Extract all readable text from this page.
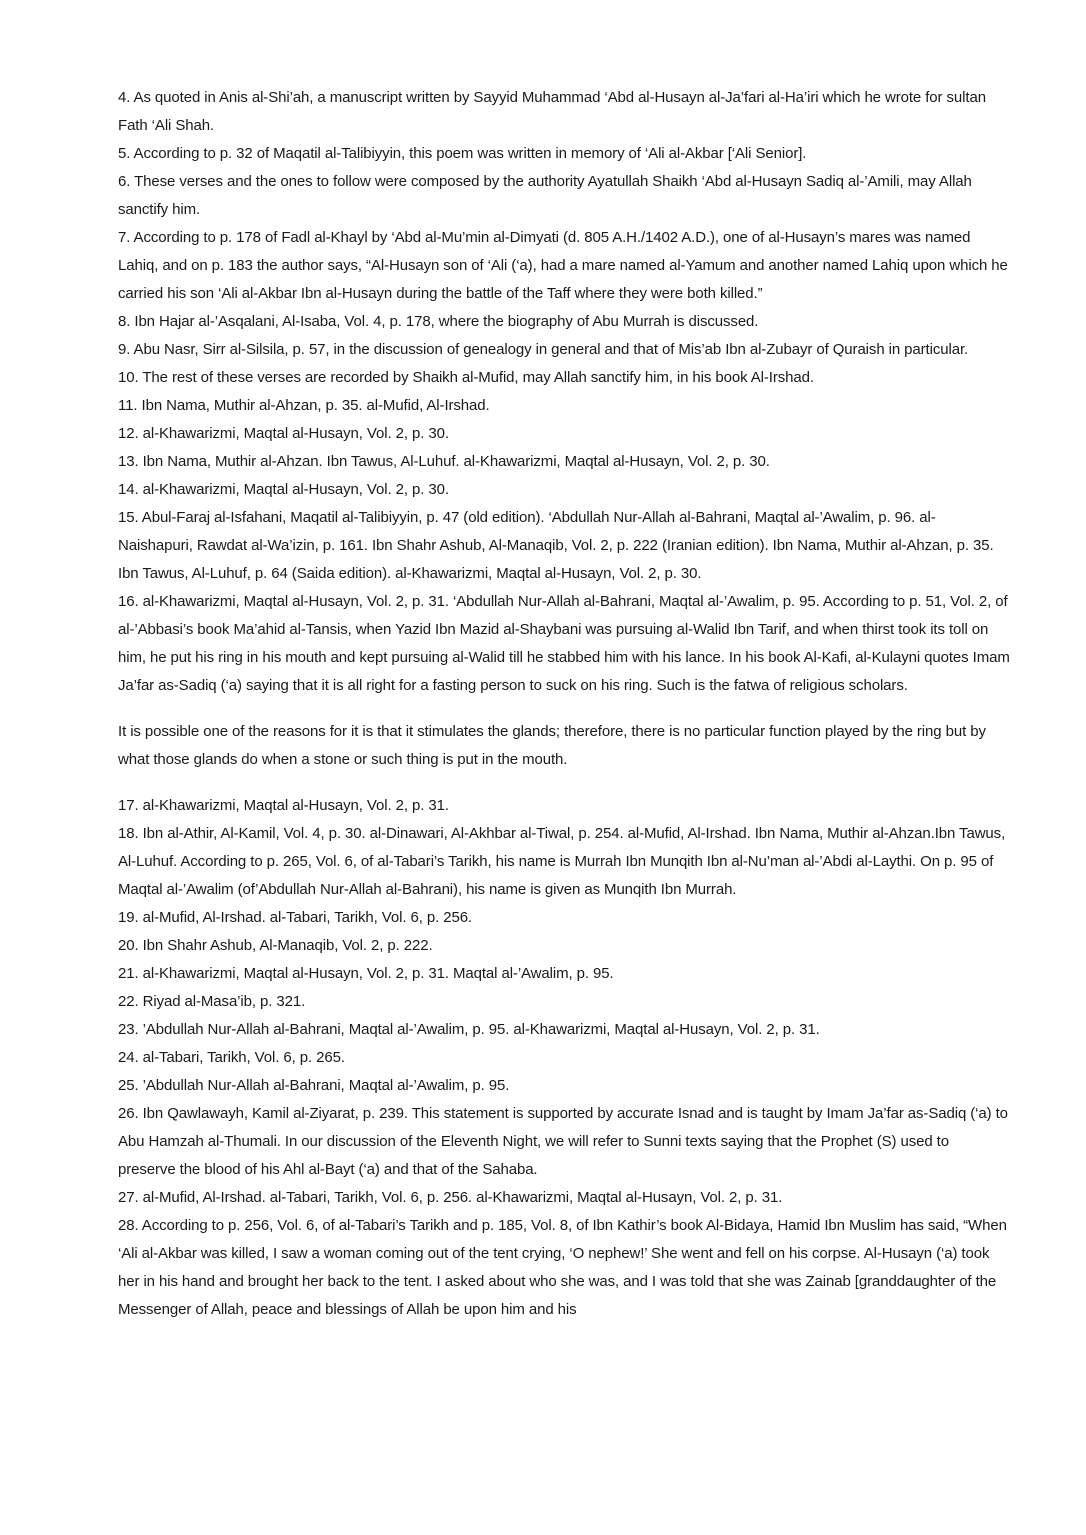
4. As quoted in Anis al-Shi’ah, a manuscript written by Sayyid Muhammad ‘Abd al-Husayn al-Ja’fari al-Ha’iri which he wrote for sultan Fath ‘Ali Shah.

5. According to p. 32 of Maqatil al-Talibiyyin, this poem was written in memory of ‘Ali al-Akbar [‘Ali Senior].

6. These verses and the ones to follow were composed by the authority Ayatullah Shaikh ‘Abd al-Husayn Sadiq al-’Amili, may Allah sanctify him.

7. According to p. 178 of Fadl al-Khayl by ‘Abd al-Mu’min al-Dimyati (d. 805 A.H./1402 A.D.), one of al-Husayn’s mares was named Lahiq, and on p. 183 the author says, “Al-Husayn son of ‘Ali (‘a), had a mare named al-Yamum and another named Lahiq upon which he carried his son ‘Ali al-Akbar Ibn al-Husayn during the battle of the Taff where they were both killed.”

8. Ibn Hajar al-’Asqalani, Al-Isaba, Vol. 4, p. 178, where the biography of Abu Murrah is discussed.

9. Abu Nasr, Sirr al-Silsila, p. 57, in the discussion of genealogy in general and that of Mis’ab Ibn al-Zubayr of Quraish in particular.

10. The rest of these verses are recorded by Shaikh al-Mufid, may Allah sanctify him, in his book Al-Irshad.

11. Ibn Nama, Muthir al-Ahzan, p. 35. al-Mufid, Al-Irshad.

12. al-Khawarizmi, Maqtal al-Husayn, Vol. 2, p. 30.

13. Ibn Nama, Muthir al-Ahzan. Ibn Tawus, Al-Luhuf. al-Khawarizmi, Maqtal al-Husayn, Vol. 2, p. 30.

14. al-Khawarizmi, Maqtal al-Husayn, Vol. 2, p. 30.

15. Abul-Faraj al-Isfahani, Maqatil al-Talibiyyin, p. 47 (old edition). ‘Abdullah Nur-Allah al-Bahrani, Maqtal al-’Awalim, p. 96. al-Naishapuri, Rawdat al-Wa’izin, p. 161. Ibn Shahr Ashub, Al-Manaqib, Vol. 2, p. 222 (Iranian edition). Ibn Nama, Muthir al-Ahzan, p. 35. Ibn Tawus, Al-Luhuf, p. 64 (Saida edition). al-Khawarizmi, Maqtal al-Husayn, Vol. 2, p. 30.

16. al-Khawarizmi, Maqtal al-Husayn, Vol. 2, p. 31. ‘Abdullah Nur-Allah al-Bahrani, Maqtal al-’Awalim, p. 95. According to p. 51, Vol. 2, of al-’Abbasi’s book Ma’ahid al-Tansis, when Yazid Ibn Mazid al-Shaybani was pursuing al-Walid Ibn Tarif, and when thirst took its toll on him, he put his ring in his mouth and kept pursuing al-Walid till he stabbed him with his lance. In his book Al-Kafi, al-Kulayni quotes Imam Ja’far as-Sadiq (‘a) saying that it is all right for a fasting person to suck on his ring. Such is the fatwa of religious scholars.

It is possible one of the reasons for it is that it stimulates the glands; therefore, there is no particular function played by the ring but by what those glands do when a stone or such thing is put in the mouth.

17. al-Khawarizmi, Maqtal al-Husayn, Vol. 2, p. 31.

18. Ibn al-Athir, Al-Kamil, Vol. 4, p. 30. al-Dinawari, Al-Akhbar al-Tiwal, p. 254. al-Mufid, Al-Irshad. Ibn Nama, Muthir al-Ahzan.Ibn Tawus, Al-Luhuf. According to p. 265, Vol. 6, of al-Tabari’s Tarikh, his name is Murrah Ibn Munqith Ibn al-Nu’man al-’Abdi al-Laythi. On p. 95 of Maqtal al-’Awalim (of’Abdullah Nur-Allah al-Bahrani), his name is given as Munqith Ibn Murrah.

19. al-Mufid, Al-Irshad. al-Tabari, Tarikh, Vol. 6, p. 256.

20. Ibn Shahr Ashub, Al-Manaqib, Vol. 2, p. 222.

21. al-Khawarizmi, Maqtal al-Husayn, Vol. 2, p. 31. Maqtal al-’Awalim, p. 95.

22. Riyad al-Masa’ib, p. 321.

23. ’Abdullah Nur-Allah al-Bahrani, Maqtal al-’Awalim, p. 95. al-Khawarizmi, Maqtal al-Husayn, Vol. 2, p. 31.

24. al-Tabari, Tarikh, Vol. 6, p. 265.

25. ’Abdullah Nur-Allah al-Bahrani, Maqtal al-’Awalim, p. 95.

26. Ibn Qawlawayh, Kamil al-Ziyarat, p. 239. This statement is supported by accurate Isnad and is taught by Imam Ja’far as-Sadiq (‘a) to Abu Hamzah al-Thumali. In our discussion of the Eleventh Night, we will refer to Sunni texts saying that the Prophet (S) used to preserve the blood of his Ahl al-Bayt (‘a) and that of the Sahaba.

27. al-Mufid, Al-Irshad. al-Tabari, Tarikh, Vol. 6, p. 256. al-Khawarizmi, Maqtal al-Husayn, Vol. 2, p. 31.

28. According to p. 256, Vol. 6, of al-Tabari’s Tarikh and p. 185, Vol. 8, of Ibn Kathir’s book Al-Bidaya, Hamid Ibn Muslim has said, “When ‘Ali al-Akbar was killed, I saw a woman coming out of the tent crying, ‘O nephew!’ She went and fell on his corpse. Al-Husayn (‘a) took her in his hand and brought her back to the tent. I asked about who she was, and I was told that she was Zainab [granddaughter of the Messenger of Allah, peace and blessings of Allah be upon him and his
